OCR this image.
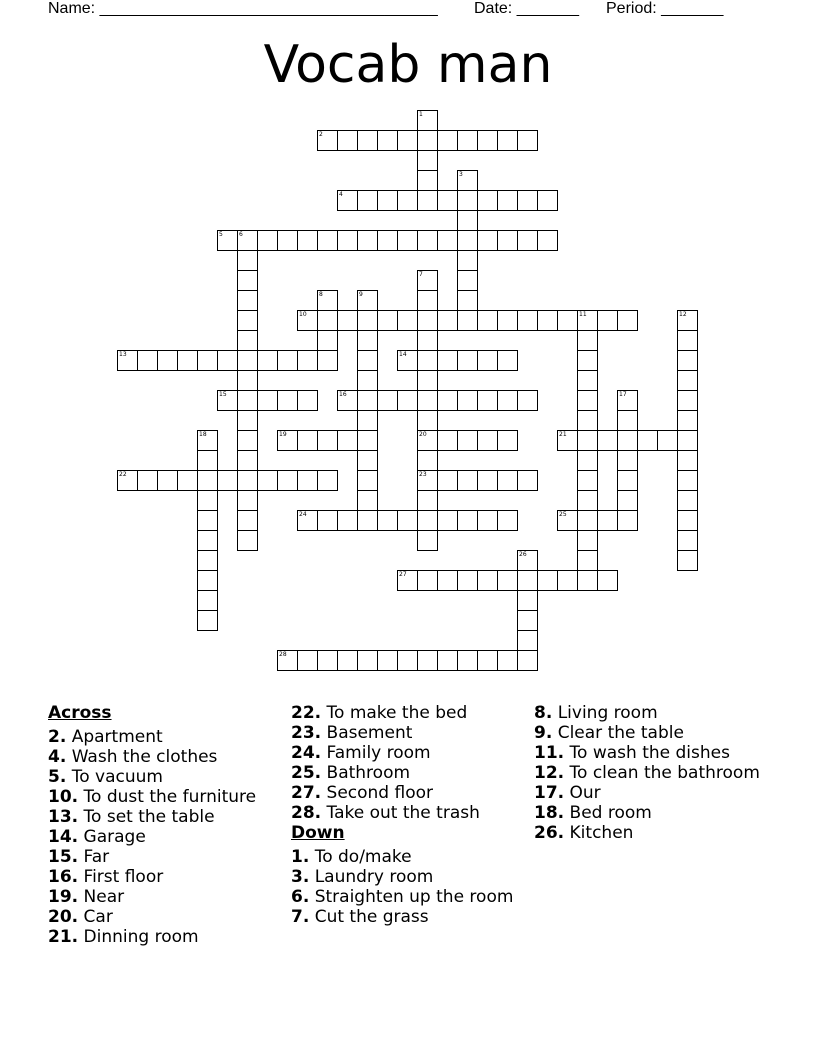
Name: ______________________________________ Date: _______ Period: _______
Vocab man
1
2
3
4
5	6
7
20
23
8	9
10	11	12
13	14
15	16	17
18	19	21
22
24	25
26
27
28
Across
2. Apartment
4. Wash the clothes
5. To vacuum
10. To dust the furniture
13. To set the table
14. Garage
15. Far
16. First floor
19. Near
20. Car
21. Dinning room
22. To make the bed
23. Basement
24. Family room
25. Bathroom
27. Second floor
28. Take out the trash
Down
1. To do/make
3. Laundry room
6. Straighten up the room
7. Cut the grass
8. Living room
9. Clear the table
11. To wash the dishes
12. To clean the bathroom
17. Our
18. Bed room
26. Kitchen
